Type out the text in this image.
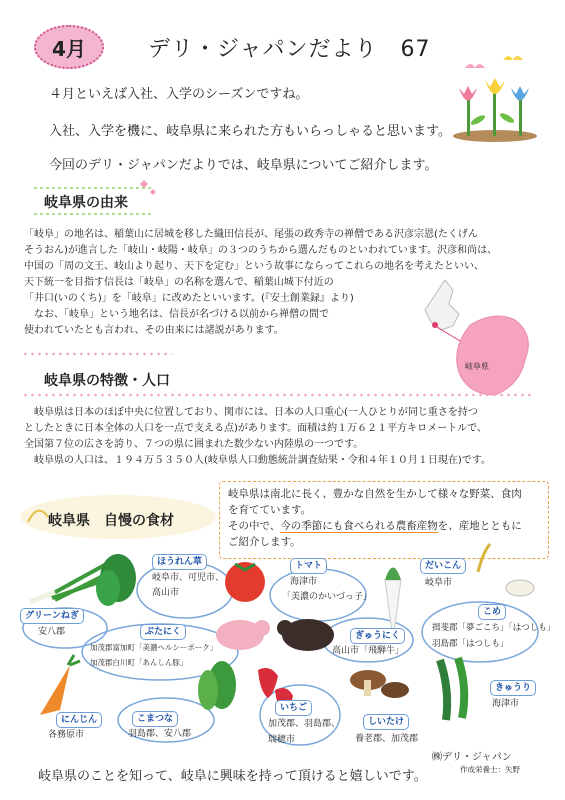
4月	デリ・ジャパンだより　67
４月といえば入社、入学のシーズンですね。
入社、入学を機に、岐阜県に来られた方もいらっしゃると思います。
今回のデリ・ジャパンだよりでは、岐阜県についてご紹介します。
岐阜県の由来

「岐阜」の地名は、稲葉山に居城を移した織田信長が、尾張の政秀寺の禅僧である沢彦宗恩(たくげん

そうおん)が進言した「岐山・岐陽・岐阜」の３つのうちから選んだものといわれています。沢彦和尚は、

中国の「周の文王、岐山より起り、天下を定む」という故事にならってこれらの地名を考えたといい、

天下統一を目指す信長は「岐阜」の名称を選んで、稲葉山城下付近の

「井口(いのくち)」を「岐阜」に改めたといいます。(『安土創業録』より)

　なお、「岐阜」という地名は、信長が名づける以前から禅僧の間で

使われていたとも言われ、その由来には諸説があります。

岐阜県
岐阜県の特徴・人口

　岐阜県は日本のほぼ中央に位置しており、関市には、日本の人口重心(一人ひとりが同じ重さを持つ

としたときに日本全体の人口を一点で支える点)があります。面積は約１万６２１平方キロメートルで、

全国第７位の広さを誇り、７つの県に囲まれた数少ない内陸県の一つです。

　岐阜県の人口は、１９４万５３５０人(岐阜県人口動態統計調査結果・令和４年１０月１日現在)です。

岐阜県　自慢の食材
岐阜県は南北に長く、豊かな自然を生かして様々な野菜、食肉
を育てています。
その中で、今の季節にも食べられる農畜産物を、産地とともに
ご紹介します。
ほうれん草
岐阜市、可児市、
高山市
トマト
海津市
「美濃のかいづっ子」
だいこん
岐阜市
グリーンねぎ
安八郡	ぶたにく
加茂郡富加町「美濃ヘルシーポーク」
加茂郡白川町「あんしん豚」
ぎゅうにく
高山市「飛騨牛」
こめ
揖斐郡「夢ごこち」「はつしも」
羽島郡「はつしも」
にんじん
各務原市
こまつな
羽島郡、安八郡
いちご
加茂郡、羽島郡、
瑞穂市
しいたけ
養老郡、加茂郡
きゅうり
海津市
㈱デリ・ジャパン
作成栄養士：矢野
岐阜県のことを知って、岐阜に興味を持って頂けると嬉しいです。
